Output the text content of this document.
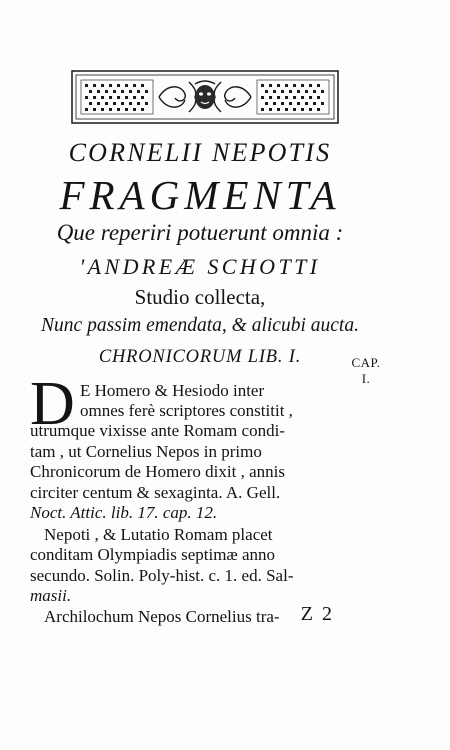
CORNELII NEPOTIS
FRAGMENTA
Que reperiri potuerunt omnia :
'ANDREÆ SCHOTTI
Studio collecta,
Nunc passim emendata, & alicubi aucta.
CHRONICORUM LIB. I.	CAP.
I.
D E Homero & Hesiodo inter
omnes ferè scriptores constitit ,
utrumque vixisse ante Romam condi-
tam , ut Cornelius Nepos in primo
Chronicorum de Homero dixit , annis
circiter centum & sexaginta. A. Gell.
Noct. Attic. lib. 17. cap. 12.
Nepoti , & Lutatio Romam placet
conditam Olympiadis septimæ anno
secundo. Solin. Poly-hist. c. 1. ed. Sal-
masii.
Archilochum Nepos Cornelius tra-	Z 2
